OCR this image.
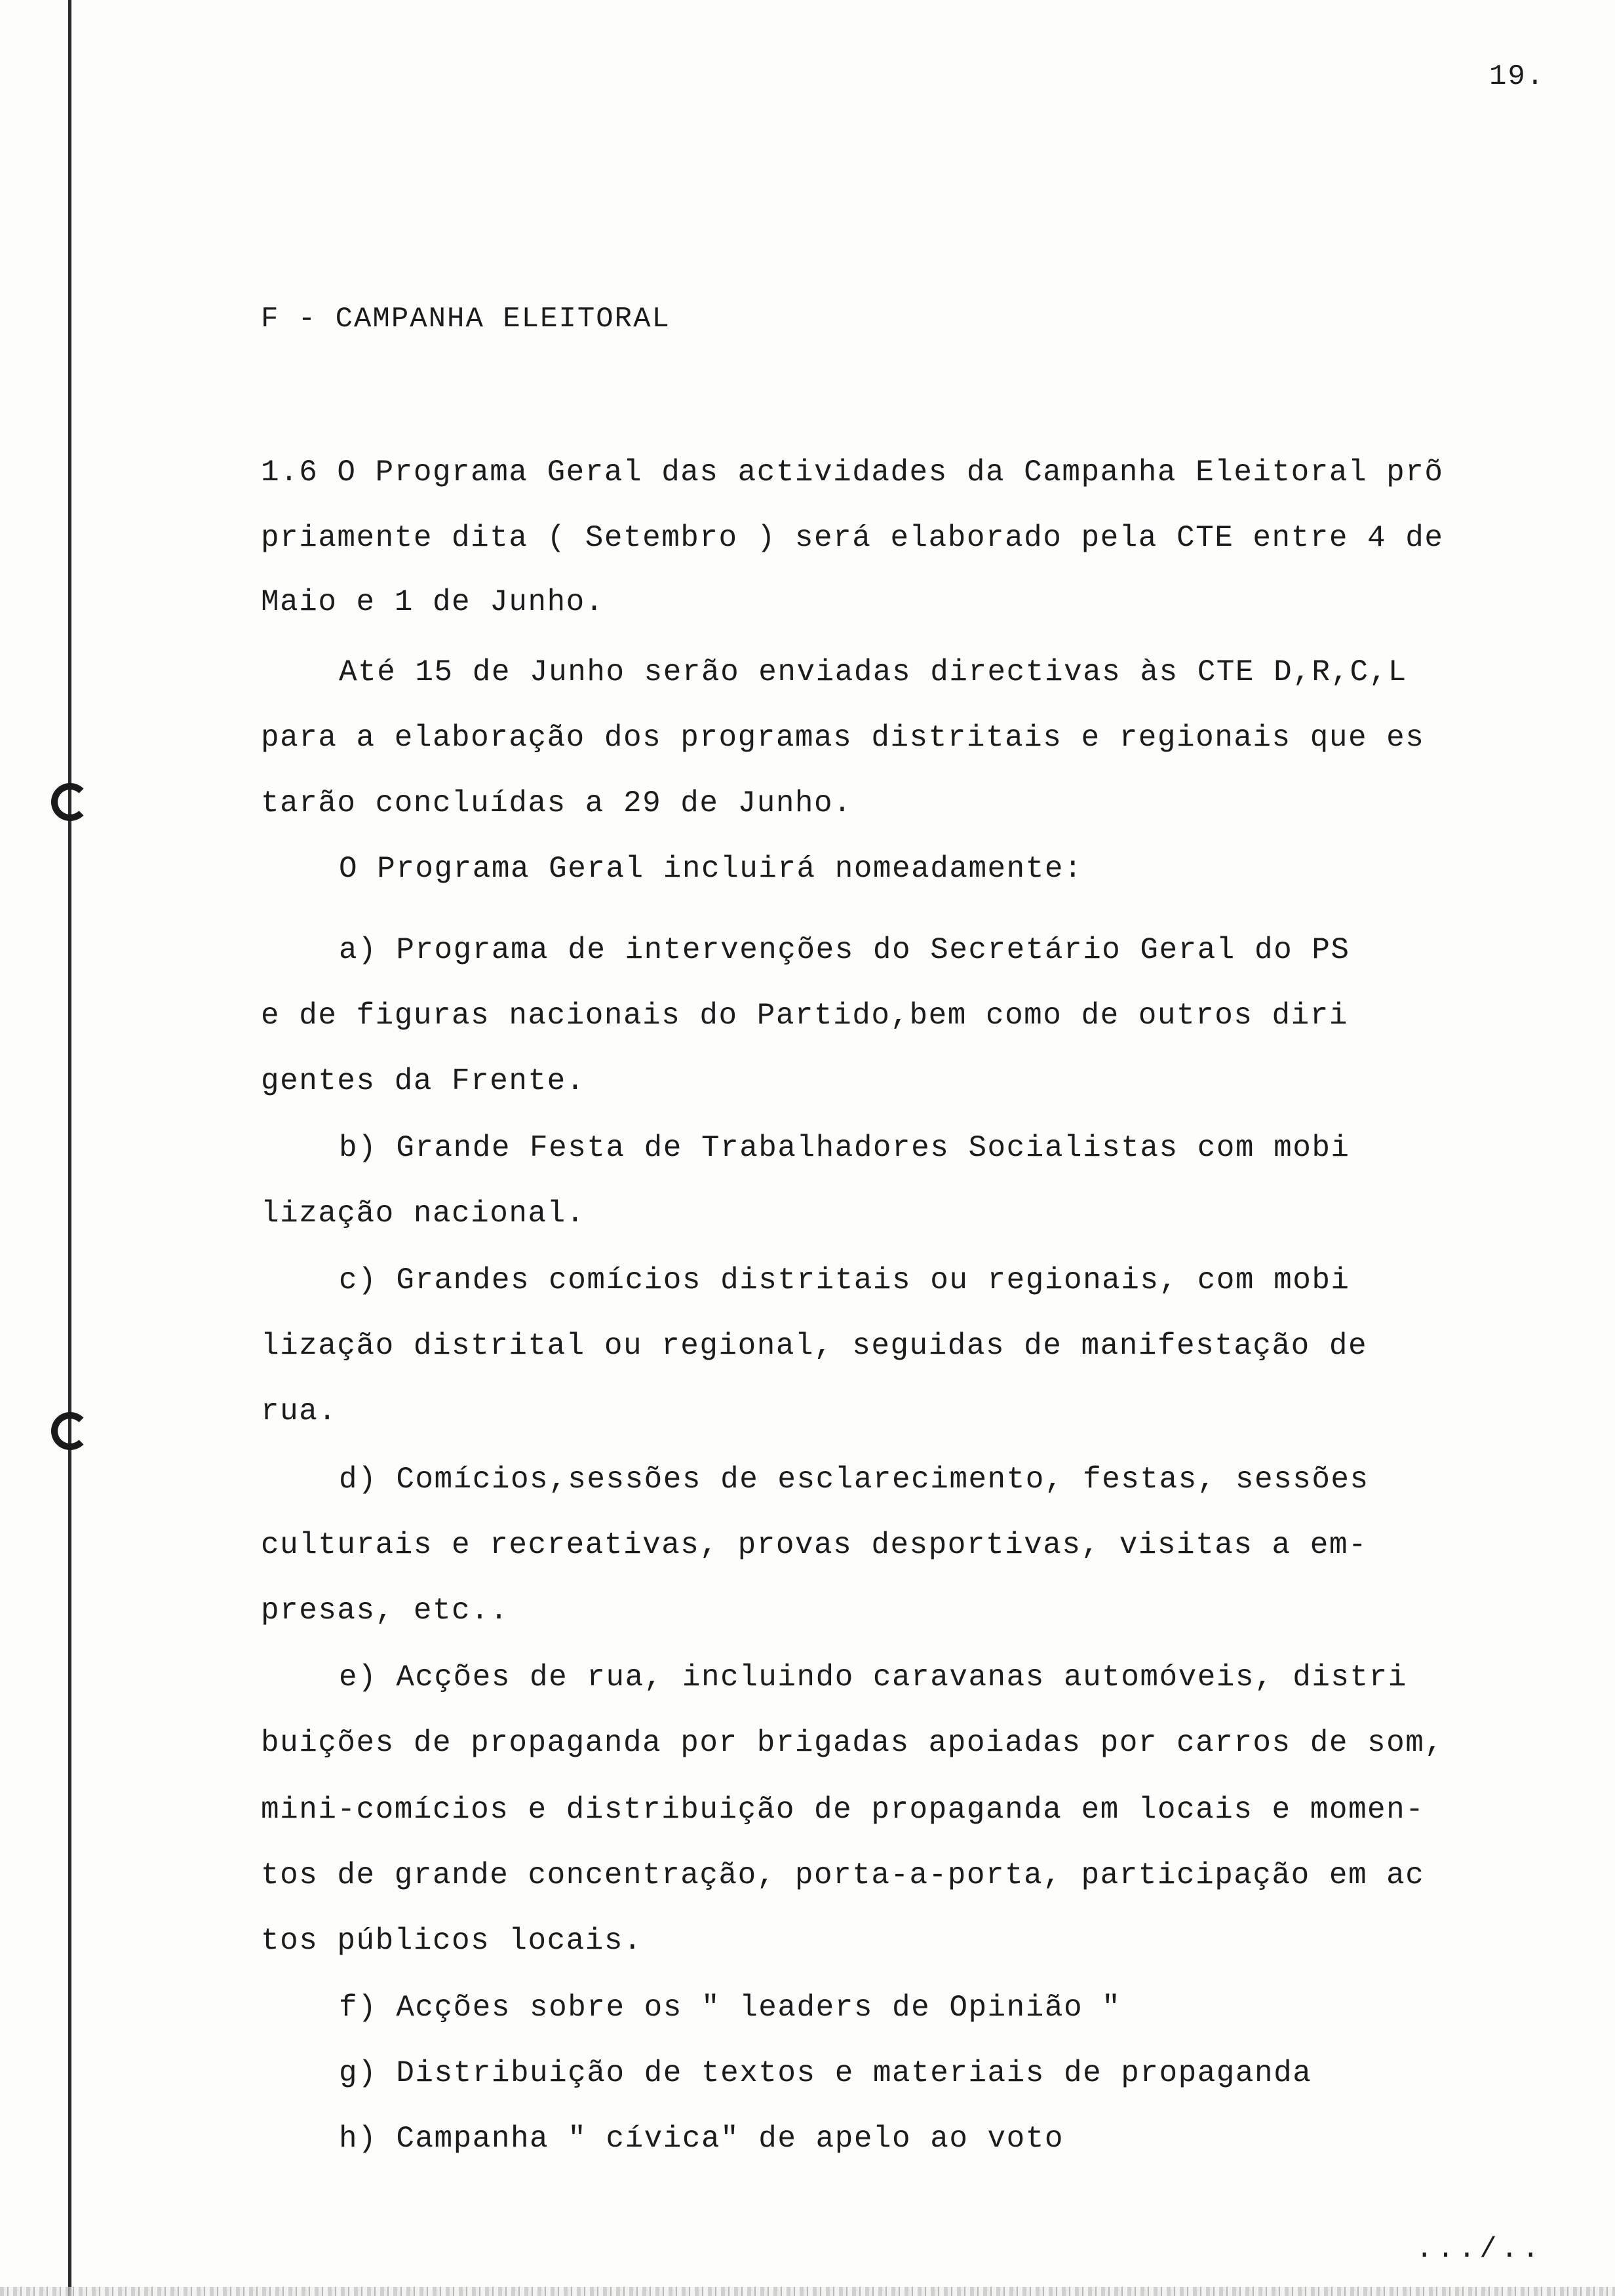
19.
F - CAMPANHA ELEITORAL
1.6 O Programa Geral das actividades da Campanha Eleitoral prõ
priamente dita ( Setembro ) será elaborado pela CTE entre 4 de
Maio e 1 de Junho.
Até 15 de Junho serão enviadas directivas às CTE D,R,C,L
para a elaboração dos programas distritais e regionais que es
tarão concluídas a 29 de Junho.
O Programa Geral incluirá nomeadamente:
a) Programa de intervenções do Secretário Geral do PS
e de figuras nacionais do Partido,bem como de outros diri
gentes da Frente.
b) Grande Festa de Trabalhadores Socialistas com mobi
lização nacional.
c) Grandes comícios distritais ou regionais, com mobi
lização distrital ou regional, seguidas de manifestação de
rua.
d) Comícios,sessões de esclarecimento, festas, sessões
culturais e recreativas, provas desportivas, visitas a em-
presas, etc..
e) Acções de rua, incluindo caravanas automóveis, distri
buições de propaganda por brigadas apoiadas por carros de som,
mini-comícios e distribuição de propaganda em locais e momen-
tos de grande concentração, porta-a-porta, participação em ac
tos públicos locais.
f) Acções sobre os " leaders de Opinião "
g) Distribuição de textos e materiais de propaganda
h) Campanha " cívica" de apelo ao voto
.../..
